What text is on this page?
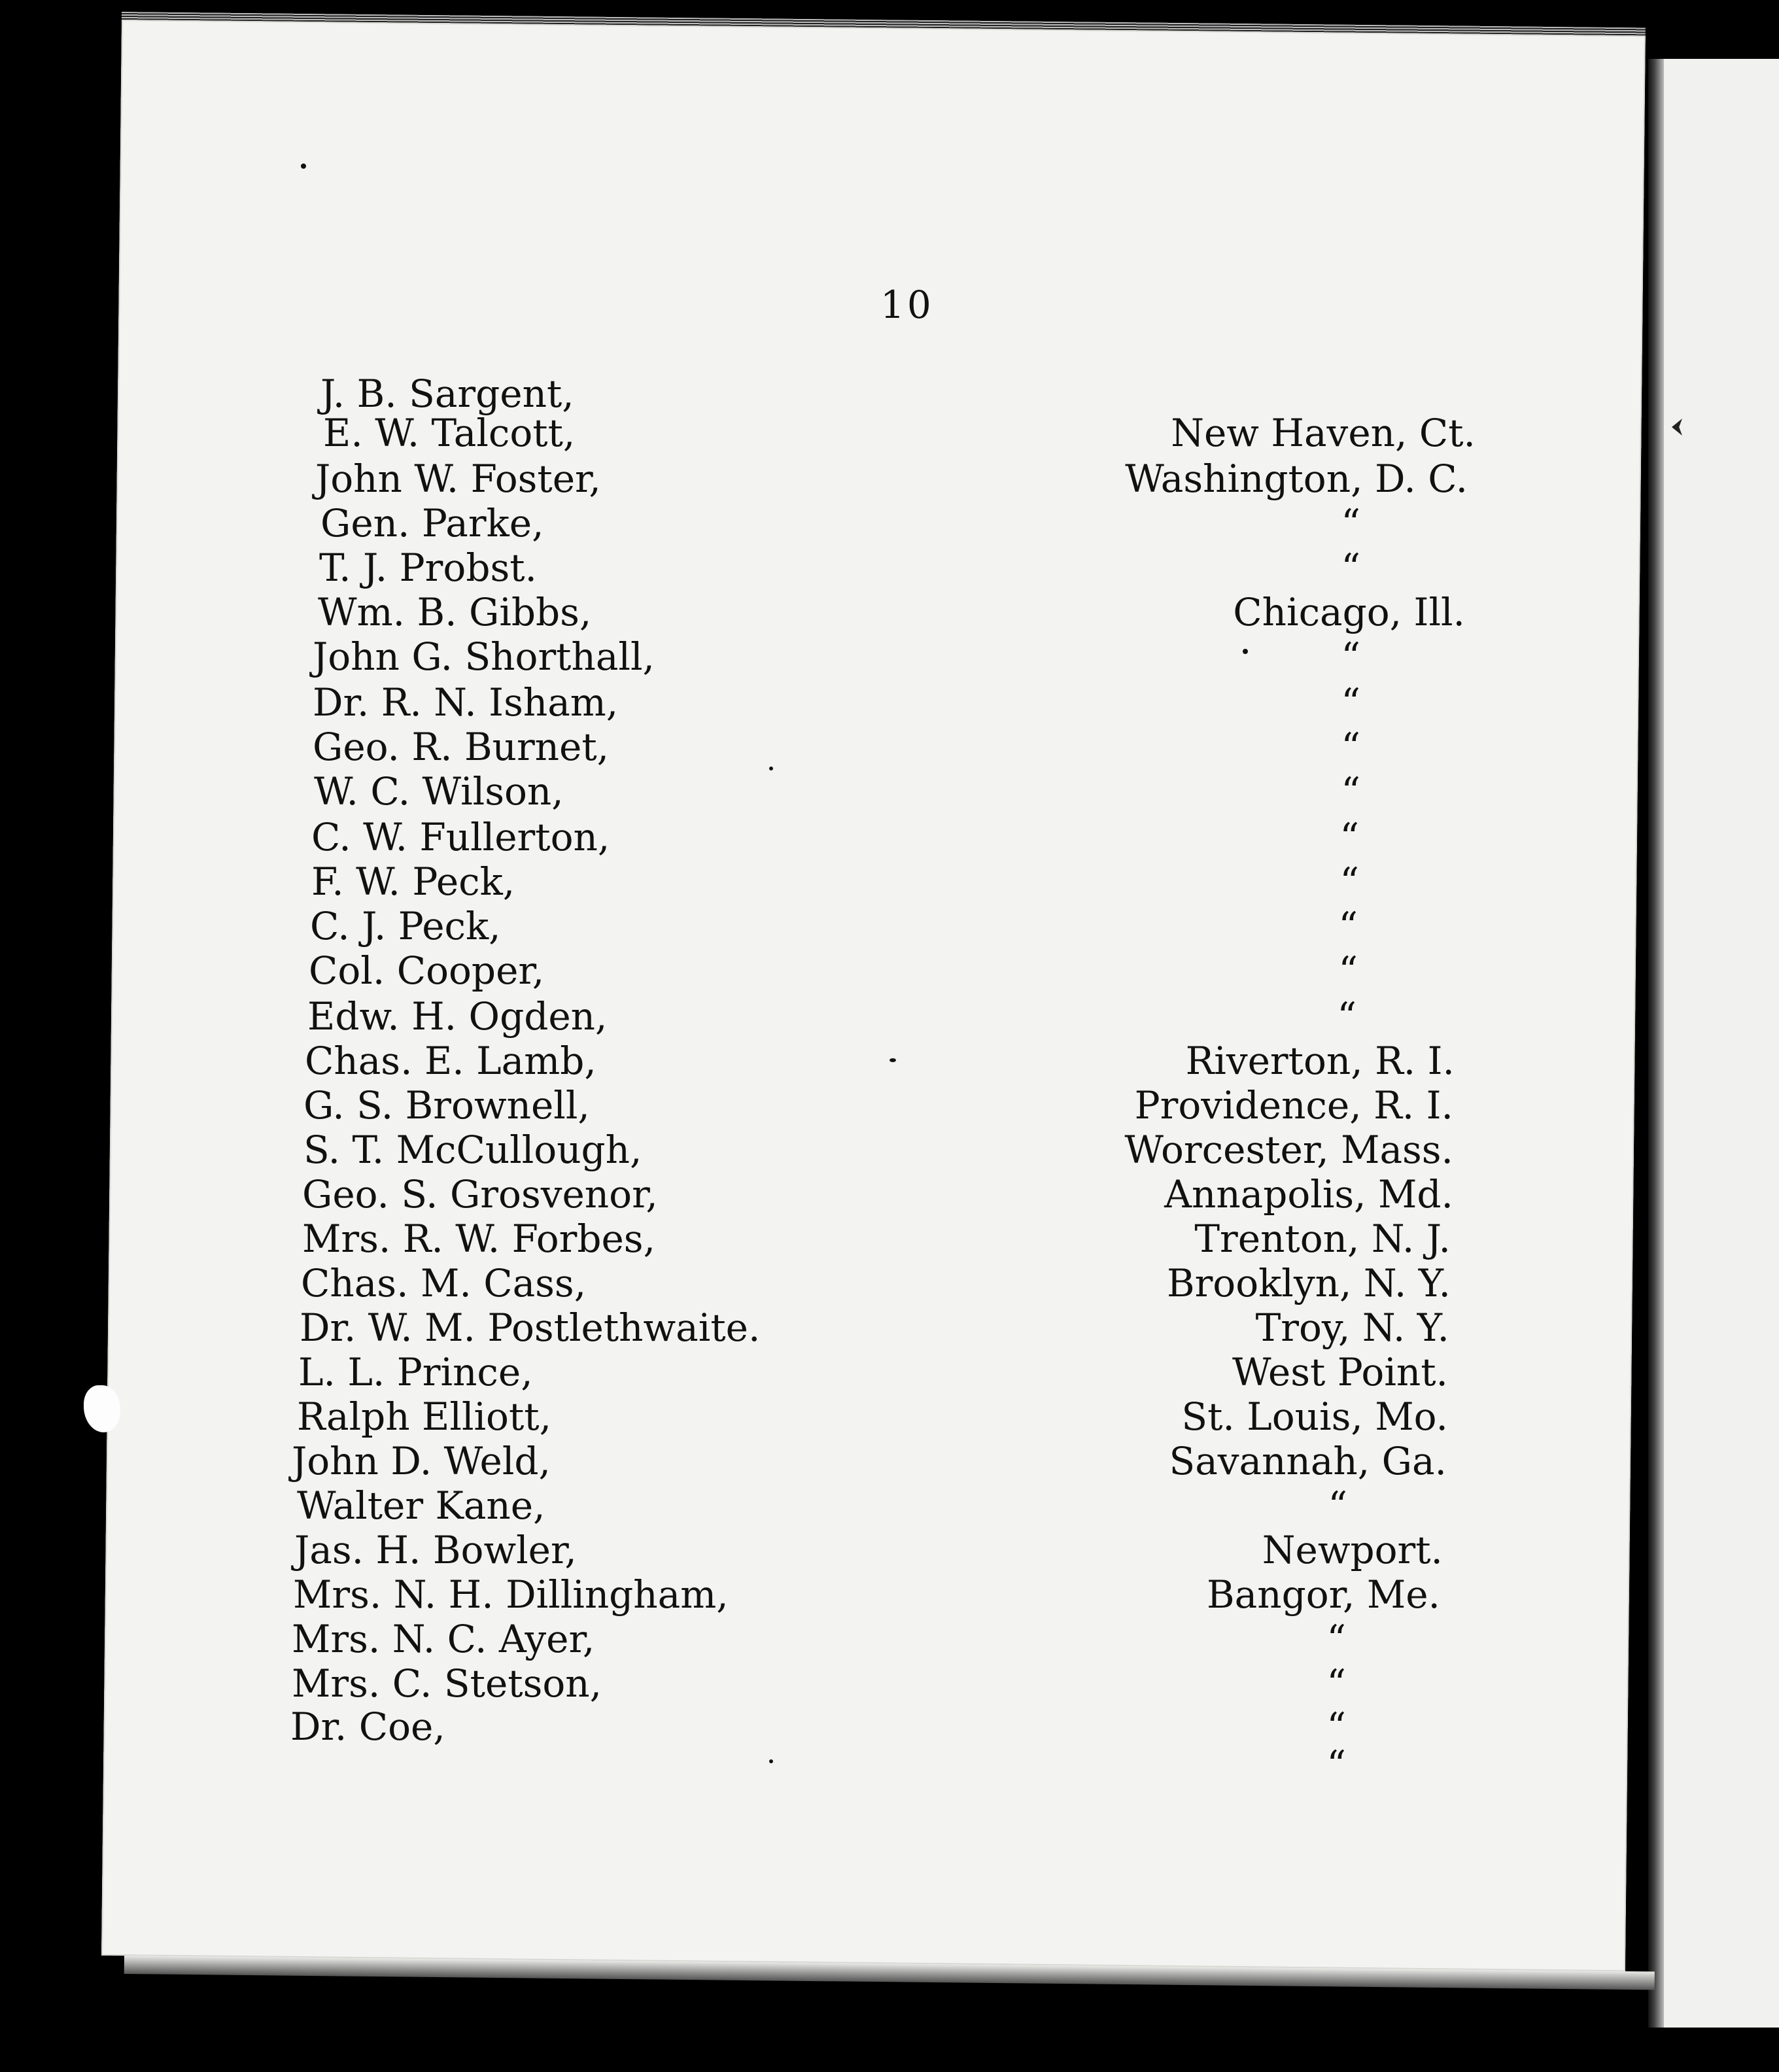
10
J. B. Sargent,
E. W. Talcott,	New Haven, Ct.
John W. Foster,	Washington, D. C.
Gen. Parke,	“
T. J. Probst.	“
Wm. B. Gibbs,	Chicago, Ill.
John G. Shorthall,	“
Dr. R. N. Isham,	“
Geo. R. Burnet,	“
W. C. Wilson,	“
C. W. Fullerton,	“
F. W. Peck,	“
C. J. Peck,	“
Col. Cooper,	“
Edw. H. Ogden,	“
Chas. E. Lamb,	Riverton, R. I.
G. S. Brownell,	Providence, R. I.
S. T. McCullough,	Worcester, Mass.
Geo. S. Grosvenor,	Annapolis, Md.
Mrs. R. W. Forbes,	Trenton, N. J.
Chas. M. Cass,	Brooklyn, N. Y.
Dr. W. M. Postlethwaite.	Troy, N. Y.
L. L. Prince,	West Point.
Ralph Elliott,	St. Louis, Mo.
John D. Weld,	Savannah, Ga.
Walter Kane,	“
Jas. H. Bowler,	Newport.
Mrs. N. H. Dillingham,	Bangor, Me.
Mrs. N. C. Ayer,	“
Mrs. C. Stetson,	“
Dr. Coe,	“
“
